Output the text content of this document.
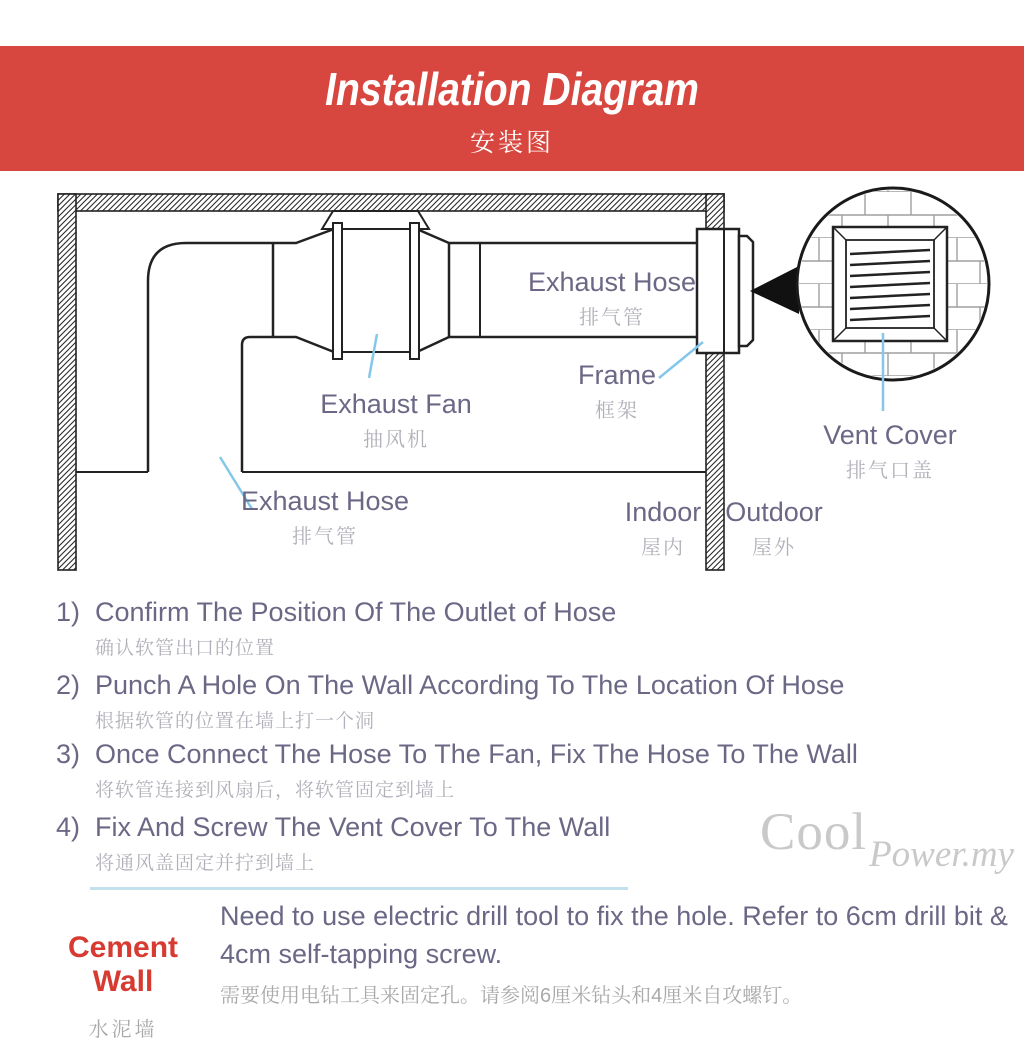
Installation Diagram
安装图
Exhaust Hose
排气管
Exhaust Fan
抽风机
Exhaust Hose
排气管
Frame
框架
Indoor
屋内
Outdoor
屋外
Vent Cover
排气口盖
1) Confirm The Position Of The Outlet of Hose
确认软管出口的位置
2) Punch A Hole On The Wall According To The Location Of Hose
根据软管的位置在墙上打一个洞
3) Once Connect The Hose To The Fan, Fix The Hose To The Wall
将软管连接到风扇后，将软管固定到墙上
4) Fix And Screw The Vent Cover To The Wall
将通风盖固定并拧到墙上
Cool Power.my
Cement Wall
水泥墙
Need to use electric drill tool to fix the hole. Refer to 6cm drill bit &
4cm self-tapping screw.
需要使用电钻工具来固定孔。请参阅6厘米钻头和4厘米自攻螺钉。
